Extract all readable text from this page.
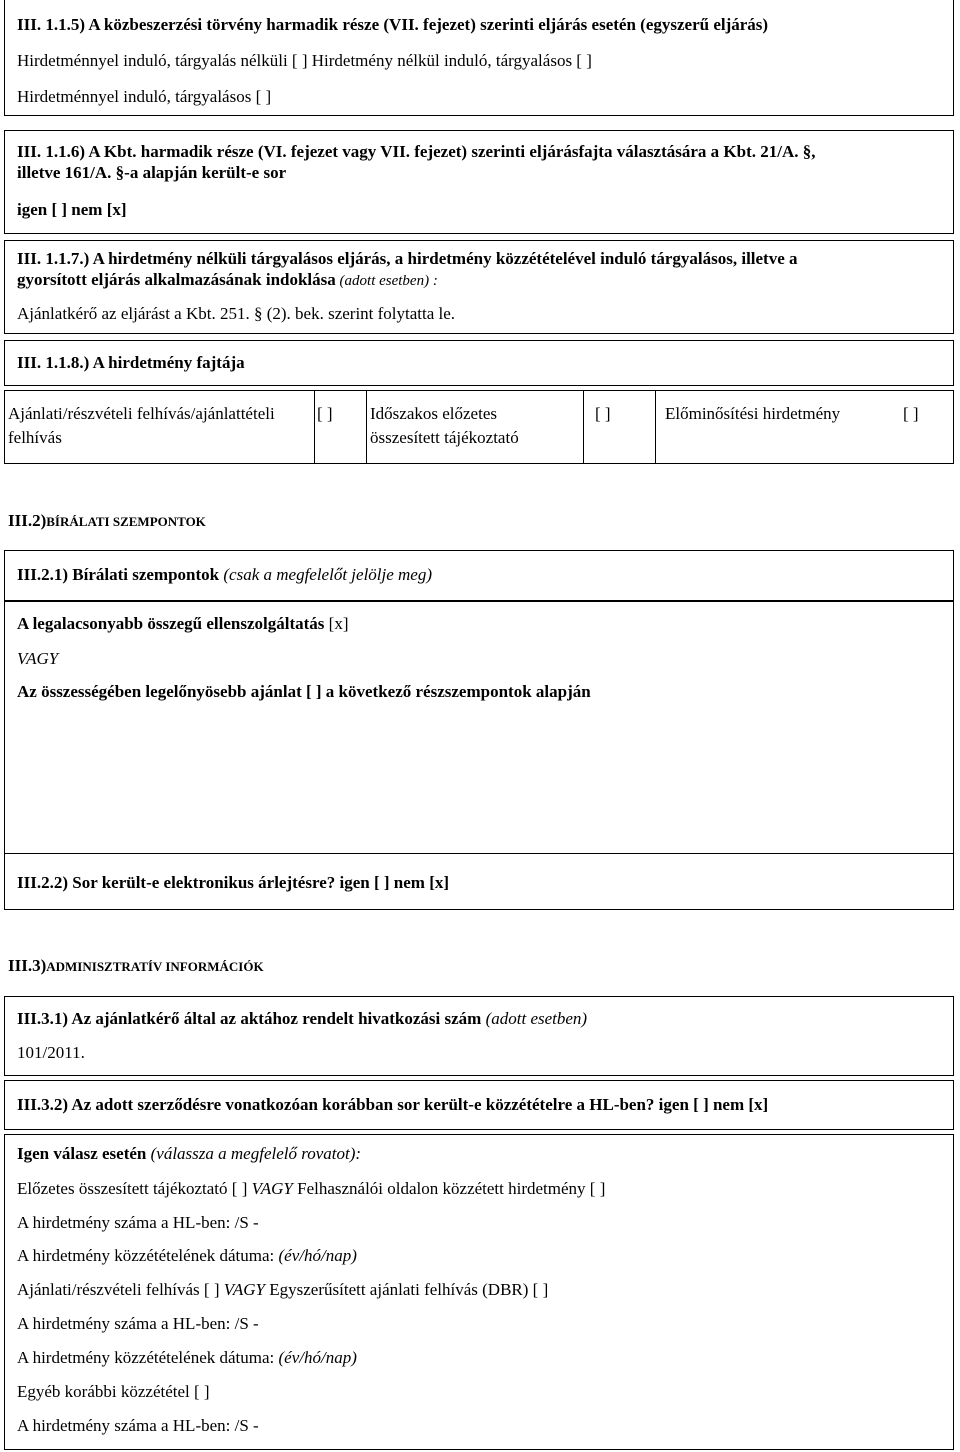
III. 1.1.5) A közbeszerzési törvény harmadik része (VII. fejezet) szerinti eljárás esetén (egyszerű eljárás)
Hirdetménnyel induló, tárgyalás nélküli [ ] Hirdetmény nélkül induló, tárgyalásos [ ]
Hirdetménnyel induló, tárgyalásos [ ]
III. 1.1.6) A Kbt. harmadik része (VI. fejezet vagy VII. fejezet) szerinti eljárásfajta választására a Kbt. 21/A. §,
illetve 161/A. §-a alapján került-e sor
igen [ ] nem [x]
III. 1.1.7.) A hirdetmény nélküli tárgyalásos eljárás, a hirdetmény közzétételével induló tárgyalásos, illetve a
gyorsított eljárás alkalmazásának indoklása (adott esetben) :
Ajánlatkérő az eljárást a Kbt. 251. § (2). bek. szerint folytatta le.
III. 1.1.8.) A hirdetmény fajtája
Ajánlati/részvételi felhívás/ajánlattételi felhívás
[ ] Időszakos előzetes összesített tájékoztató
[ ]	Előminősítési hirdetmény	[ ]
III.2)BÍRÁLATI SZEMPONTOK
III.2.1) Bírálati szempontok (csak a megfelelőt jelölje meg)
A legalacsonyabb összegű ellenszolgáltatás [x]
VAGY
Az összességében legelőnyösebb ajánlat [ ] a következő részszempontok alapján
III.2.2) Sor került-e elektronikus árlejtésre? igen [ ] nem [x]
III.3)ADMINISZTRATÍV INFORMÁCIÓK
III.3.1) Az ajánlatkérő által az aktához rendelt hivatkozási szám (adott esetben)
101/2011.
III.3.2) Az adott szerződésre vonatkozóan korábban sor került-e közzétételre a HL-ben? igen [ ] nem [x]
Igen válasz esetén (válassza a megfelelő rovatot):
Előzetes összesített tájékoztató [ ] VAGY Felhasználói oldalon közzétett hirdetmény [ ]
A hirdetmény száma a HL-ben: /S -
A hirdetmény közzétételének dátuma: (év/hó/nap)
Ajánlati/részvételi felhívás [ ] VAGY Egyszerűsített ajánlati felhívás (DBR) [ ]
A hirdetmény száma a HL-ben: /S -
A hirdetmény közzétételének dátuma: (év/hó/nap)
Egyéb korábbi közzététel [ ]
A hirdetmény száma a HL-ben: /S -
